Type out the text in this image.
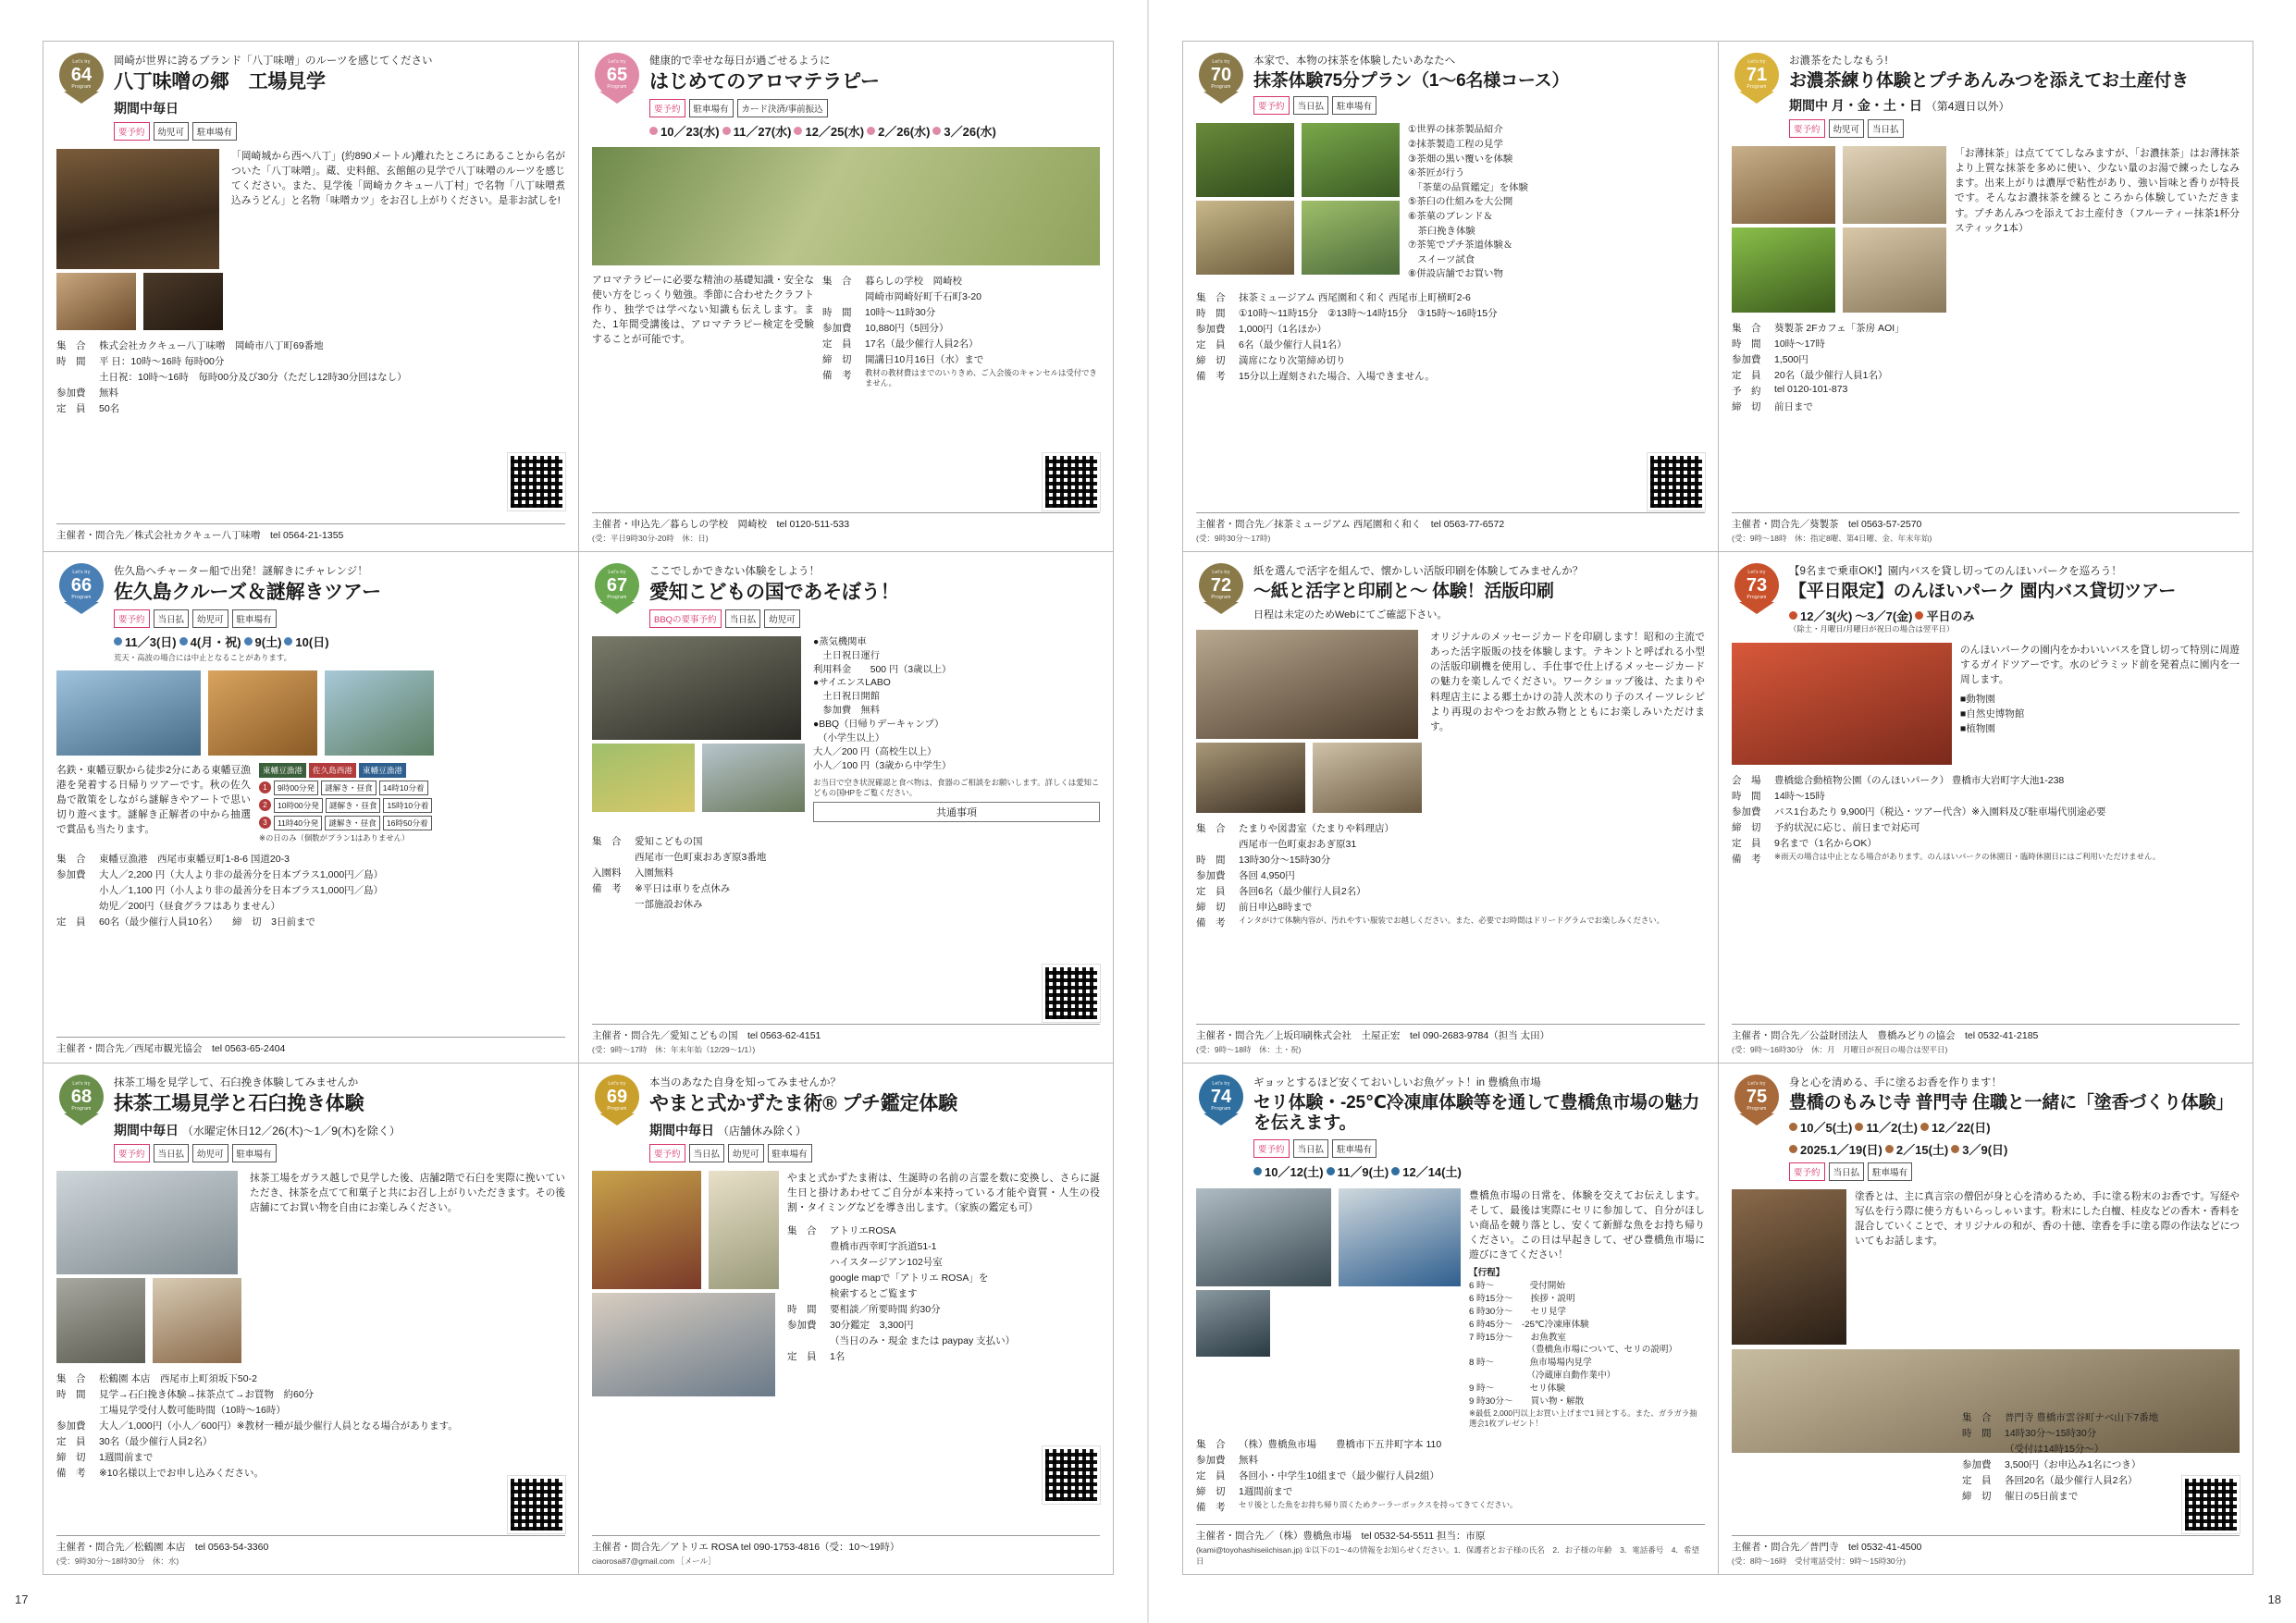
Let's try
64
Program
岡崎が世界に誇るブランド「八丁味噌」のルーツを感じてください
八丁味噌の郷　工場見学
期間中毎日
要予約	幼児可	駐車場有
「岡崎城から西へ八丁」(約890メートル)離れたところにあることから名がついた「八丁味噌」。蔵、史料館、玄館館の見学で八丁味噌のルーツを感じてください。また、見学後「岡崎カクキュー八丁村」で名物「八丁味噌煮込みうどん」と名物「味噌カツ」をお召し上がりください。是非お試しを!
集　合	株式会社カクキュー八丁味噌　岡崎市八丁町69番地
時　間	平 日：10時～16時 毎時00分
	土日祝：10時～16時　毎時00分及び30分（ただし12時30分回はなし）
参加費	無料
定　員	50名
主催者・問合先／株式会社カクキュー八丁味噌　tel 0564-21-1355
Let's try
65
Program
健康的で幸せな毎日が過ごせるように
はじめてのアロマテラピー
要予約	駐車場有	カード決済/事前振込
10／23(水) 11／27(水) 12／25(水) 2／26(水) 3／26(水)
アロマテラピーに必要な精油の基礎知識・安全な使い方をじっくり勉強。季節に合わせたクラフト作り、独学では学べない知識も伝えします。また、1年間受講後は、アロマテラピー検定を受験することが可能です。
集　合	暮らしの学校　岡崎校
	岡崎市岡崎好町千石町3-20
時　間	10時～11時30分
参加費	10,880円（5回分）
定　員	17名（最少催行人員2名）
締　切	開講日10月16日（水）まで
備　考	教材の教材費はまでのいりきめ、ご入会後のキャンセルは受付できません。
主催者・申込先／暮らしの学校　岡崎校　tel 0120-511-533
(受：平日9時30分-20時　休：日)
Let's try
66
Program
佐久島へチャーター船で出発！謎解きにチャレンジ！
佐久島クルーズ＆謎解きツアー
要予約	当日払	幼児可	駐車場有
11／3(日) 4(月・祝) 9(土) 10(日)
荒天・高波の場合には中止となることがあります。
名鉄・東幡豆駅から徒歩2分にある東幡豆漁港を発着する日帰りツアーです。秋の佐久島で散策をしながら謎解きやアートで思い切り遊べます。謎解き正解者の中から抽選で賞品も当たります。
東幡豆漁港	佐久島西港	東幡豆漁港
1	9時00分発	謎解き・昼食	14時10分着
2	10時00分発	謎解き・昼食	15時10分着
3	11時40分発	謎解き・昼食	16時50分着
※の日のみ（個数がプラン1はありません）
集　合	東幡豆漁港　西尾市東幡豆町1-8-6 国道20-3
参加費	大人／2,200 円（大人より非の最善分を日本ブラス1,000円／島）
	小人／1,100 円（小人より非の最善分を日本ブラス1,000円／島）
	幼児／200円（昼食グラフはありません）
定　員	60名（最少催行人員10名）　　締　切　3日前まで
主催者・問合先／西尾市観光協会　tel 0563-65-2404
Let's try
67
Program
ここでしかできない体験をしよう！
愛知こどもの国であそぼう！
BBQの要事予約	当日払	幼児可
●蒸気機関車
　土日祝日運行
利用料金　　500 円（3歳以上）
●サイエンスLABO
　土日祝日開館
　参加費　無料
●BBQ（日帰りデーキャンプ）
　（小学生以上）
大人／200 円（高校生以上）
小人／100 円（3歳から中学生）
お当日で空き状況確認と食べ物は、食器のご相談をお願いします。詳しくは愛知こどもの国HPをご覧ください。
共通事項
集　合	愛知こどもの国
	西尾市一色町東おあぎ原3番地
入園料	入園無料
備　考	※平日は車りを点休み
	一部施設お休み
主催者・問合先／愛知こどもの国　tel 0563-62-4151
(受：9時～17時　休：年末年始（12/29～1/1）)
Let's try
68
Program
抹茶工場を見学して、石臼挽き体験してみませんか
抹茶工場見学と石臼挽き体験
期間中毎日 （水曜定休日12／26(木)～1／9(木)を除く）
要予約	当日払	幼児可	駐車場有
抹茶工場をガラス越しで見学した後、店舗2階で石臼を実際に挽いていただき、抹茶を点てて和菓子と共にお召し上がりいただきます。その後店舗にてお買い物を自由にお楽しみください。
集　合	松鶴園 本店　西尾市上町須坂下50-2
時　間	見学→石臼挽き体験→抹茶点て→お買物　約60分
	工場見学受付人数可能時間（10時～16時）
参加費	大人／1,000円（小人／600円）※教材一種が最少催行人員となる場合があります。
定　員	30名（最少催行人員2名）
締　切	1週間前まで
備　考	※10名様以上でお申し込みください。
主催者・問合先／松鶴園 本店　tel 0563-54-3360
(受：9時30分～18時30分　休：水)
Let's try
69
Program
本当のあなた自身を知ってみませんか？
やまと式かずたま術® プチ鑑定体験
期間中毎日 （店舗休み除く）
要予約	当日払	幼児可	駐車場有
やまと式かずたま術は、生誕時の名前の言霊を数に変換し、さらに誕生日と掛けあわせてご自分が本来持っている才能や資質・人生の役割・タイミングなどを導き出します。（家族の鑑定も可）
集　合	アトリエROSA
	豊橋市西幸町字浜道51-1
	ハイスタージアン102号室
	google mapで「アトリエ ROSA」を
	検索するとご覧ます
時　間	要相談／所要時間 約30分
参加費	30分鑑定　3,300円
	（当日のみ・現金 または paypay 支払い）
定　員	1名
主催者・問合先／アトリエ ROSA tel 090-1753-4816（受：10～19時）
ciaorosa87@gmail.com ［メール］
17
Let's try
70
Program
本家で、本物の抹茶を体験したいあなたへ
抹茶体験75分プラン（1～6名様コース）
要予約	当日払	駐車場有
①世界の抹茶製品紹介
②抹茶製造工程の見学
③茶畑の黒い覆いを体験
④茶匠が行う
　「茶葉の品質鑑定」を体験
⑤茶臼の仕組みを大公開
⑥茶菓のブレンド＆
　茶臼挽き体験
⑦茶筅でプチ茶道体験＆
　スイーツ試食
⑧併設店舗でお買い物
集　合	抹茶ミュージアム 西尾園和く和く 西尾市上町横町2-6
時　間	①10時～11時15分　②13時～14時15分　③15時～16時15分
参加費	1,000円（1名ほか）
定　員	6名（最少催行人員1名）
締　切	満席になり次第締め切り
備　考	15分以上遅刻された場合、入場できません。
主催者・問合先／抹茶ミュージアム 西尾園和く和く　tel 0563-77-6572
(受：9時30分～17時)
Let's try
71
Program
お濃茶をたしなもう!
お濃茶練り体験とプチあんみつを添えてお土産付き
期間中 月・金・土・日 （第4週日以外）
要予約	幼児可	当日払
「お薄抹茶」は点てててしなみますが、「お濃抹茶」はお薄抹茶より上質な抹茶を多めに使い、少ない量のお湯で練ったしなみます。出来上がりは濃厚で粘性があり、強い旨味と香りが特長です。そんなお濃抹茶を練るところから体験していただきます。プチあんみつを添えてお土産付き（フルーティー抹茶1杯分スティック1本）
集　合	葵製茶 2Fカフェ「茶房 AOI」
時　間	10時～17時
参加費	1,500円
定　員	20名（最少催行人員1名）
予　約	tel 0120-101-873
締　切	前日まで
主催者・問合先／葵製茶　tel 0563-57-2570
(受：9時～18時　休：指定8曜、第4日曜、金、年末年始)
Let's try
72
Program
紙を選んで活字を組んで、懐かしい活版印刷を体験してみませんか？
～紙と活字と印刷と～ 体験！活版印刷
日程は未定のためWebにてご確認下さい。
オリジナルのメッセージカードを印刷します！昭和の主流であった活字版販の技を体験します。テキントと呼ばれる小型の活版印刷機を使用し、手仕事で仕上げるメッセージカードの魅力を楽しんでください。ワークショップ後は、たまりや料理店主による郷土かけの詩人茨木のり子のスイーツレシピより再現のおやつをお飲み物とともにお楽しみいただけます。
集　合	たまりや図書室（たまりや料理店）
	西尾市一色町東おあぎ原31
時　間	13時30分～15時30分
参加費	各回 4,950円
定　員	各回6名（最少催行人員2名）
締　切	前日申込8時まで
備　考	インタがけて体験内容が、汚れやすい服装でお越しください。また、必要でお時間はドリードグラムでお楽しみください。
主催者・問合先／上坂印刷株式会社　土屋正宏　tel 090-2683-9784（担当 太田）
(受：9時～18時　休：土・祝)
Let's try
73
Program
【9名まで乗車OK!】園内バスを貸し切ってのんほいパークを巡ろう！
【平日限定】のんほいパーク 園内バス貸切ツアー
12／3(火) ～3／7(金) 平日のみ
（除土・月曜日/月曜日が祝日の場合は翌平日）
のんほいパークの園内をかわいいバスを貸し切って特別に周遊するガイドツアーです。水のピラミッド前を発着点に園内を一周します。
■動物園
■自然史博物館
■植物園
会　場	豊橋総合動植物公園（のんほいパーク） 豊橋市大岩町字大池1-238
時　間	14時～15時
参加費	バス1台あたり 9,900円（税込・ツアー代含）※入園料及び駐車場代別途必要
締　切	予約状況に応じ、前日まで対応可
定　員	9名まで（1名からOK）
備　考	※雨天の場合は中止となる場合があります。のんほいパークの休園日・臨時休園日にはご利用いただけません。
主催者・問合先／公益財団法人　豊橋みどりの協会　tel 0532-41-2185
(受：9時～16時30分　休：月　月曜日が祝日の場合は翌平日)
Let's try
74
Program
ギョッとするほど安くておいしいお魚ゲット！in 豊橋魚市場
セリ体験・-25℃冷凍庫体験等を通して豊橋魚市場の魅力を伝えます。
要予約	当日払	駐車場有
10／12(土) 11／9(土) 12／14(土)
豊橋魚市場の日常を、体験を交えてお伝えします。そして、最後は実際にセリに参加して、自分がほしい商品を競り落とし、安くて新鮮な魚をお持ち帰りください。この日は早起きして、ぜひ豊橋魚市場に遊びにきてください！
【行程】
6 時～　　　　受付開始
6 時15分～　　挨拶・説明
6 時30分～　　セリ見学
6 時45分～　-25℃冷凍庫体験
7 時15分～　　お魚教室
　　　　　　　（豊橋魚市場について、セリの説明）
8 時～　　　　魚市場場内見学
　　　　　　　（冷蔵庫自動作業中）
9 時～　　　　セリ体験
9 時30分～　　買い物・解散
※最低 2,000円以上お買い上げまで1 回とする。また、ガラガラ抽選会1枚プレゼント！
集　合	（株）豊橋魚市場　　豊橋市下五井町字本 110
参加費	無料
定　員	各回小・中学生10組まで（最少催行人員2組）
締　切	1週間前まで
備　考	セリ後とした魚をお持ち帰り頂くためクーラーボックスを持ってきてください。
主催者・問合先／（株）豊橋魚市場　tel 0532-54-5511 担当：市原
(kami@toyohashiseiichisan.jp) ①以下の1～4の情報をお知らせください。1．保護者とお子様の氏名　2．お子様の年齢　3．電話番号　4．希望日
Let's try
75
Program
身と心を清める、手に塗るお香を作ります！
豊橋のもみじ寺 普門寺 住職と一緒に「塗香づくり体験」
10／5(土) 11／2(土) 12／22(日)
2025.1／19(日) 2／15(土) 3／9(日)
要予約	当日払	駐車場有
塗香とは、主に真言宗の僧侶が身と心を清めるため、手に塗る粉末のお香です。写経や写仏を行う際に使う方もいらっしゃいます。粉末にした白檀、桂皮などの香木・香料を混合していくことで、オリジナルの和が、香の十徳、塗香を手に塗る際の作法などについてもお話します。
集　合	普門寺 豊橋市雲谷町ナベ山下7番地
時　間	14時30分～15時30分
	（受付は14時15分～）
参加費	3,500円（お申込み1名につき）
定　員	各回20名（最少催行人員2名）
締　切	催日の5日前まで
主催者・問合先／普門寺　tel 0532-41-4500
(受：8時～16時　受付電話受付：9時～15時30分)
18
